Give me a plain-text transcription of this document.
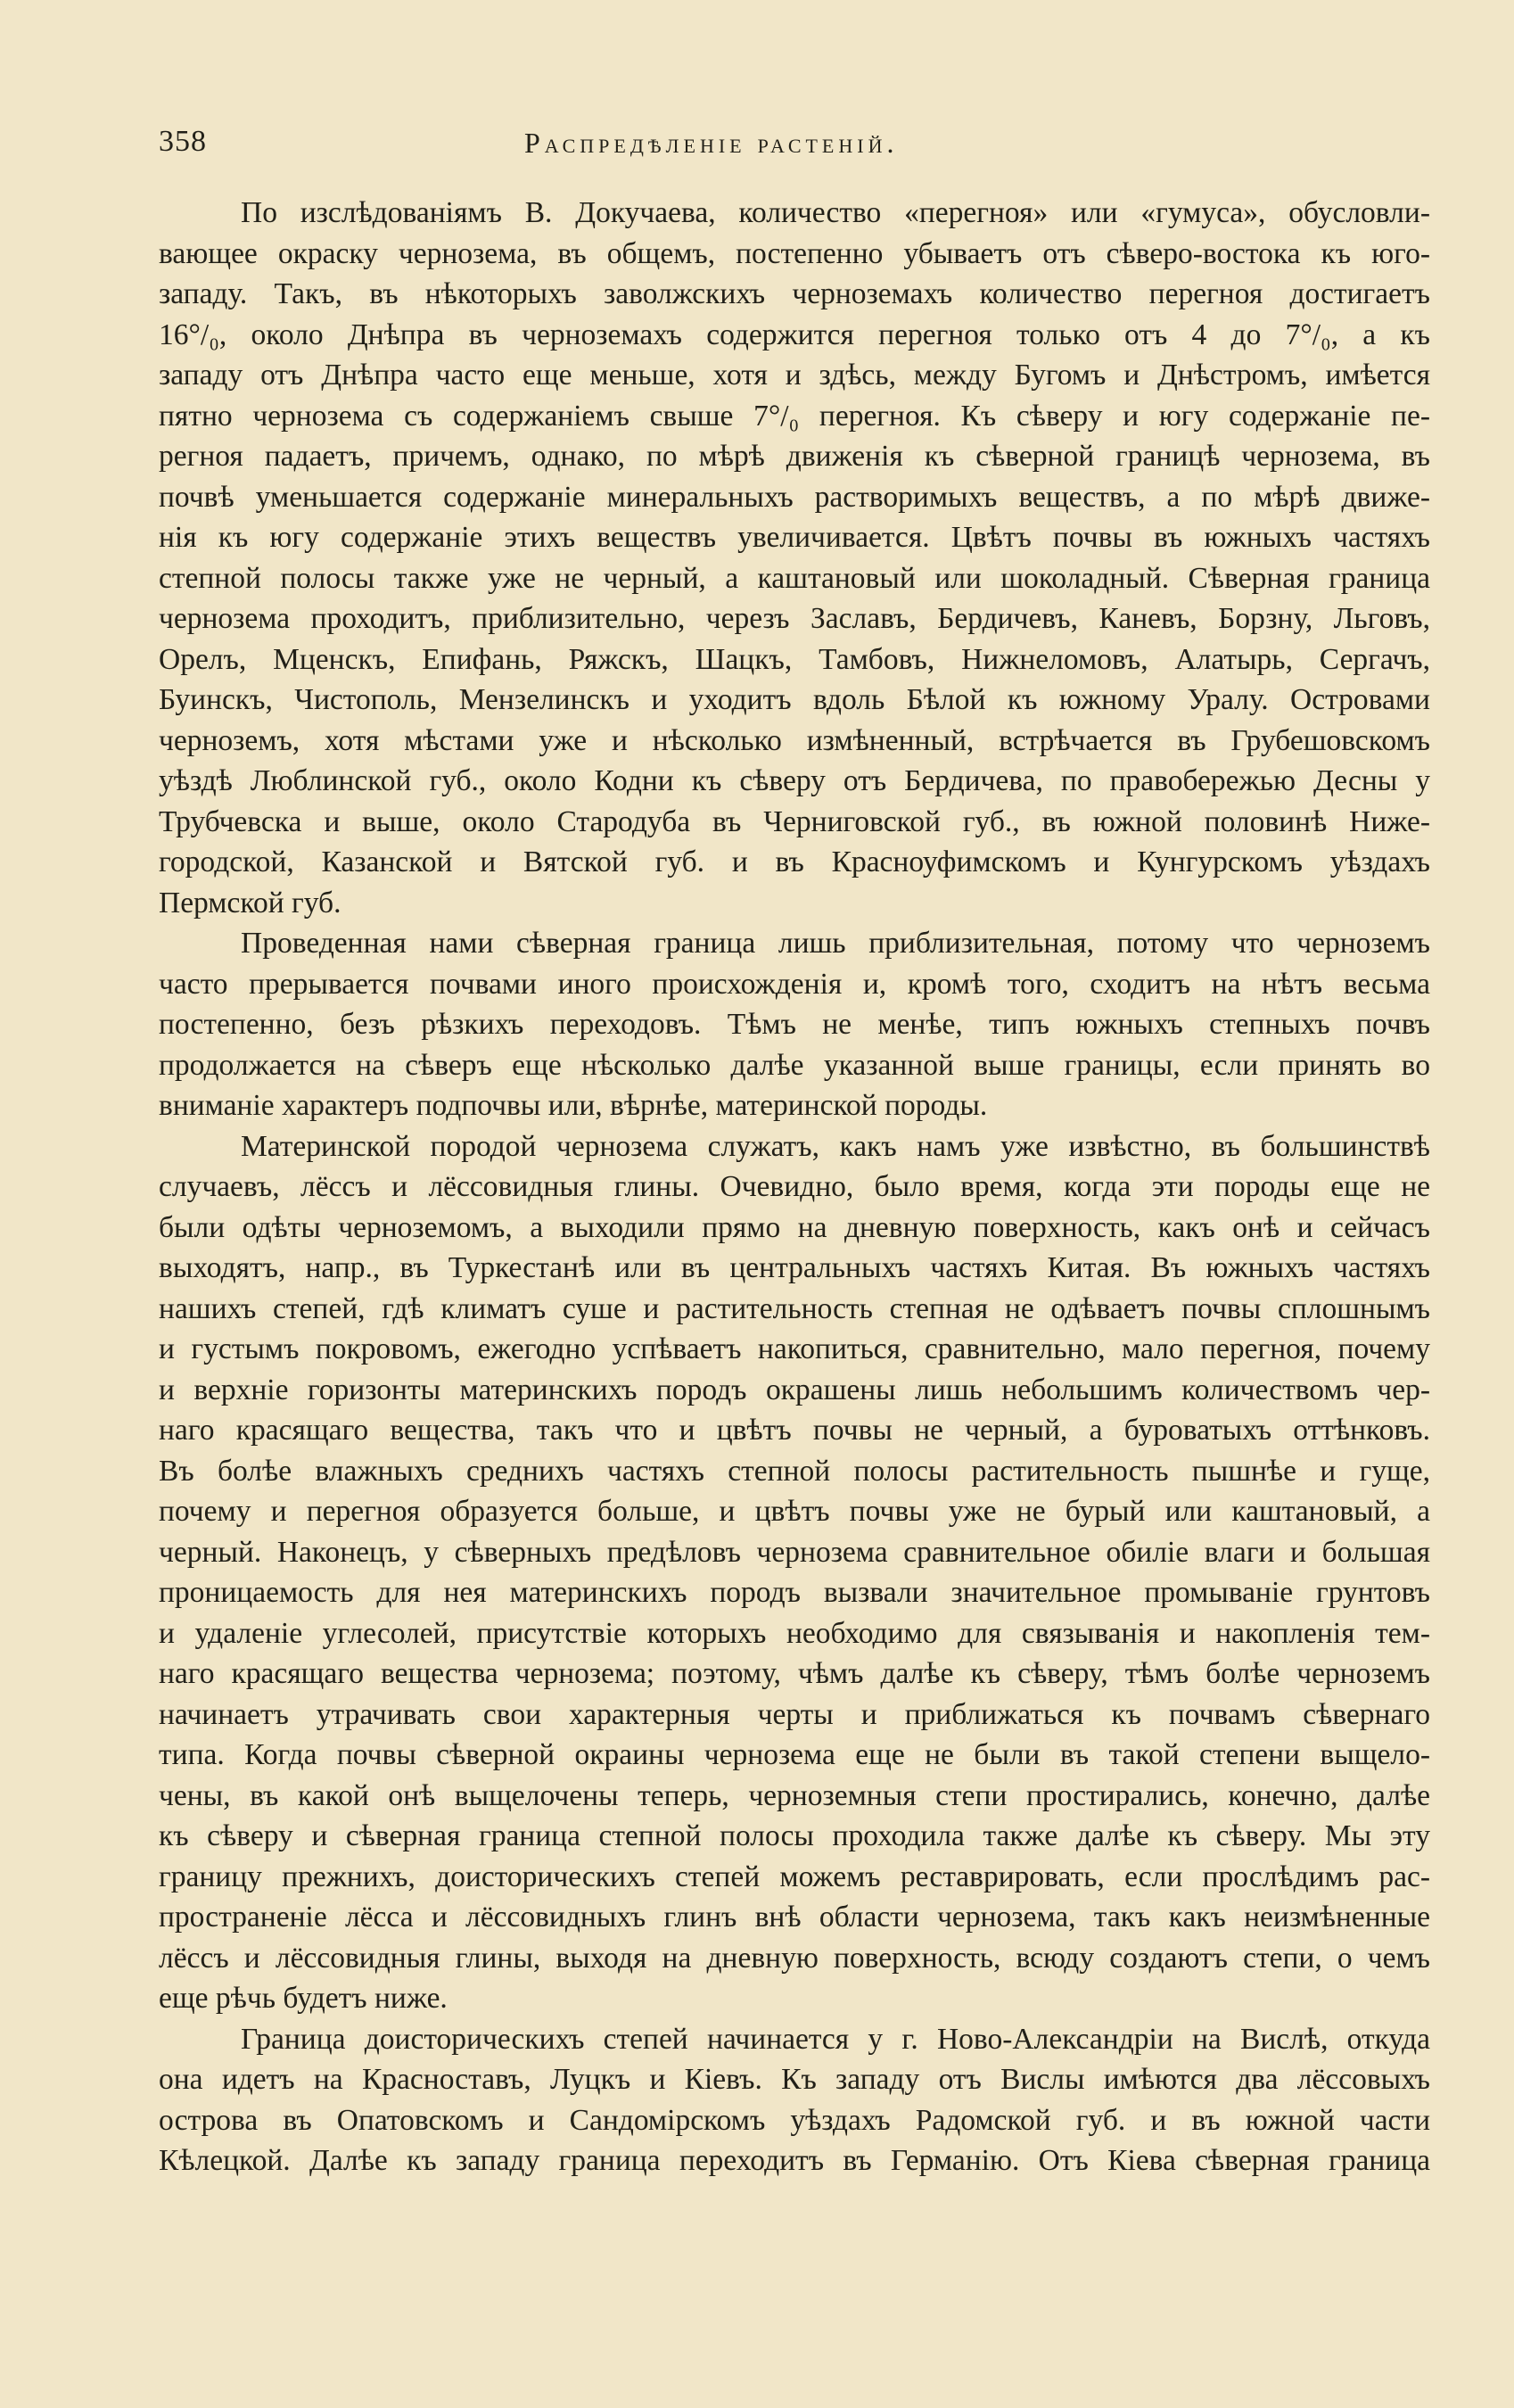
358	Распредѣленіе растеній.

По изслѣдованіямъ В. Докучаева, количество «перегноя» или «гумуса», обусловли-
вающее окраску чернозема, въ общемъ, постепенно убываетъ отъ сѣверо-востока къ юго-
западу. Такъ, въ нѣкоторыхъ заволжскихъ черноземахъ количество перегноя достигаетъ
16°/₀, около Днѣпра въ черноземахъ содержится перегноя только отъ 4 до 7°/₀, а къ
западу отъ Днѣпра часто еще меньше, хотя и здѣсь, между Бугомъ и Днѣстромъ, имѣется
пятно чернозема съ содержаніемъ свыше 7°/₀ перегноя. Къ сѣверу и югу содержаніе пе-
регноя падаетъ, причемъ, однако, по мѣрѣ движенія къ сѣверной границѣ чернозема, въ
почвѣ уменьшается содержаніе минеральныхъ растворимыхъ веществъ, а по мѣрѣ движе-
нія къ югу содержаніе этихъ веществъ увеличивается. Цвѣтъ почвы въ южныхъ частяхъ
степной полосы также уже не черный, а каштановый или шоколадный. Сѣверная граница
чернозема проходитъ, приблизительно, черезъ Заславъ, Бердичевъ, Каневъ, Борзну, Льговъ,
Орелъ, Мценскъ, Епифань, Ряжскъ, Шацкъ, Тамбовъ, Нижнеломовъ, Алатырь, Сергачъ,
Буинскъ, Чистополь, Мензелинскъ и уходитъ вдоль Бѣлой къ южному Уралу. Островами
черноземъ, хотя мѣстами уже и нѣсколько измѣненный, встрѣчается въ Грубешовскомъ
уѣздѣ Люблинской губ., около Кодни къ сѣверу отъ Бердичева, по правобережью Десны у
Трубчевска и выше, около Стародуба въ Черниговской губ., въ южной половинѣ Ниже-
городской, Казанской и Вятской губ. и въ Красноуфимскомъ и Кунгурскомъ уѣздахъ
Пермской губ.

Проведенная нами сѣверная граница лишь приблизительная, потому что черноземъ
часто прерывается почвами иного происхожденія и, кромѣ того, сходитъ на нѣтъ весьма
постепенно, безъ рѣзкихъ переходовъ. Тѣмъ не менѣе, типъ южныхъ степныхъ почвъ
продолжается на сѣверъ еще нѣсколько далѣе указанной выше границы, если принять во
вниманіе характеръ подпочвы или, вѣрнѣе, материнской породы.

Материнской породой чернозема служатъ, какъ намъ уже извѣстно, въ большинствѣ
случаевъ, лёссъ и лёссовидныя глины. Очевидно, было время, когда эти породы еще не
были одѣты черноземомъ, а выходили прямо на дневную поверхность, какъ онѣ и сейчасъ
выходятъ, напр., въ Туркестанѣ или въ центральныхъ частяхъ Китая. Въ южныхъ частяхъ
нашихъ степей, гдѣ климатъ суше и растительность степная не одѣваетъ почвы сплошнымъ
и густымъ покровомъ, ежегодно успѣваетъ накопиться, сравнительно, мало перегноя, почему
и верхніе горизонты материнскихъ породъ окрашены лишь небольшимъ количествомъ чер-
наго красящаго вещества, такъ что и цвѣтъ почвы не черный, а буроватыхъ оттѣнковъ.
Въ болѣе влажныхъ среднихъ частяхъ степной полосы растительность пышнѣе и гуще,
почему и перегноя образуется больше, и цвѣтъ почвы уже не бурый или каштановый, а
черный. Наконецъ, у сѣверныхъ предѣловъ чернозема сравнительное обиліе влаги и большая
проницаемость для нея материнскихъ породъ вызвали значительное промываніе грунтовъ
и удаленіе углесолей, присутствіе которыхъ необходимо для связыванія и накопленія тем-
наго красящаго вещества чернозема; поэтому, чѣмъ далѣе къ сѣверу, тѣмъ болѣе черноземъ
начинаетъ утрачивать свои характерныя черты и приближаться къ почвамъ сѣвернаго
типа. Когда почвы сѣверной окраины чернозема еще не были въ такой степени выщело-
чены, въ какой онѣ выщелочены теперь, черноземныя степи простирались, конечно, далѣе
къ сѣверу и сѣверная граница степной полосы проходила также далѣе къ сѣверу. Мы эту
границу прежнихъ, доисторическихъ степей можемъ реставрировать, если прослѣдимъ рас-
пространеніе лёсса и лёссовидныхъ глинъ внѣ области чернозема, такъ какъ неизмѣненные
лёссъ и лёссовидныя глины, выходя на дневную поверхность, всюду создаютъ степи, о чемъ
еще рѣчь будетъ ниже.

Граница доисторическихъ степей начинается у г. Ново-Александріи на Вислѣ, откуда
она идетъ на Красноставъ, Луцкъ и Кіевъ. Къ западу отъ Вислы имѣются два лёссовыхъ
острова въ Опатовскомъ и Сандомірскомъ уѣздахъ Радомской губ. и въ южной части
Кѣлецкой. Далѣе къ западу граница переходитъ въ Германію. Отъ Кіева сѣверная граница
